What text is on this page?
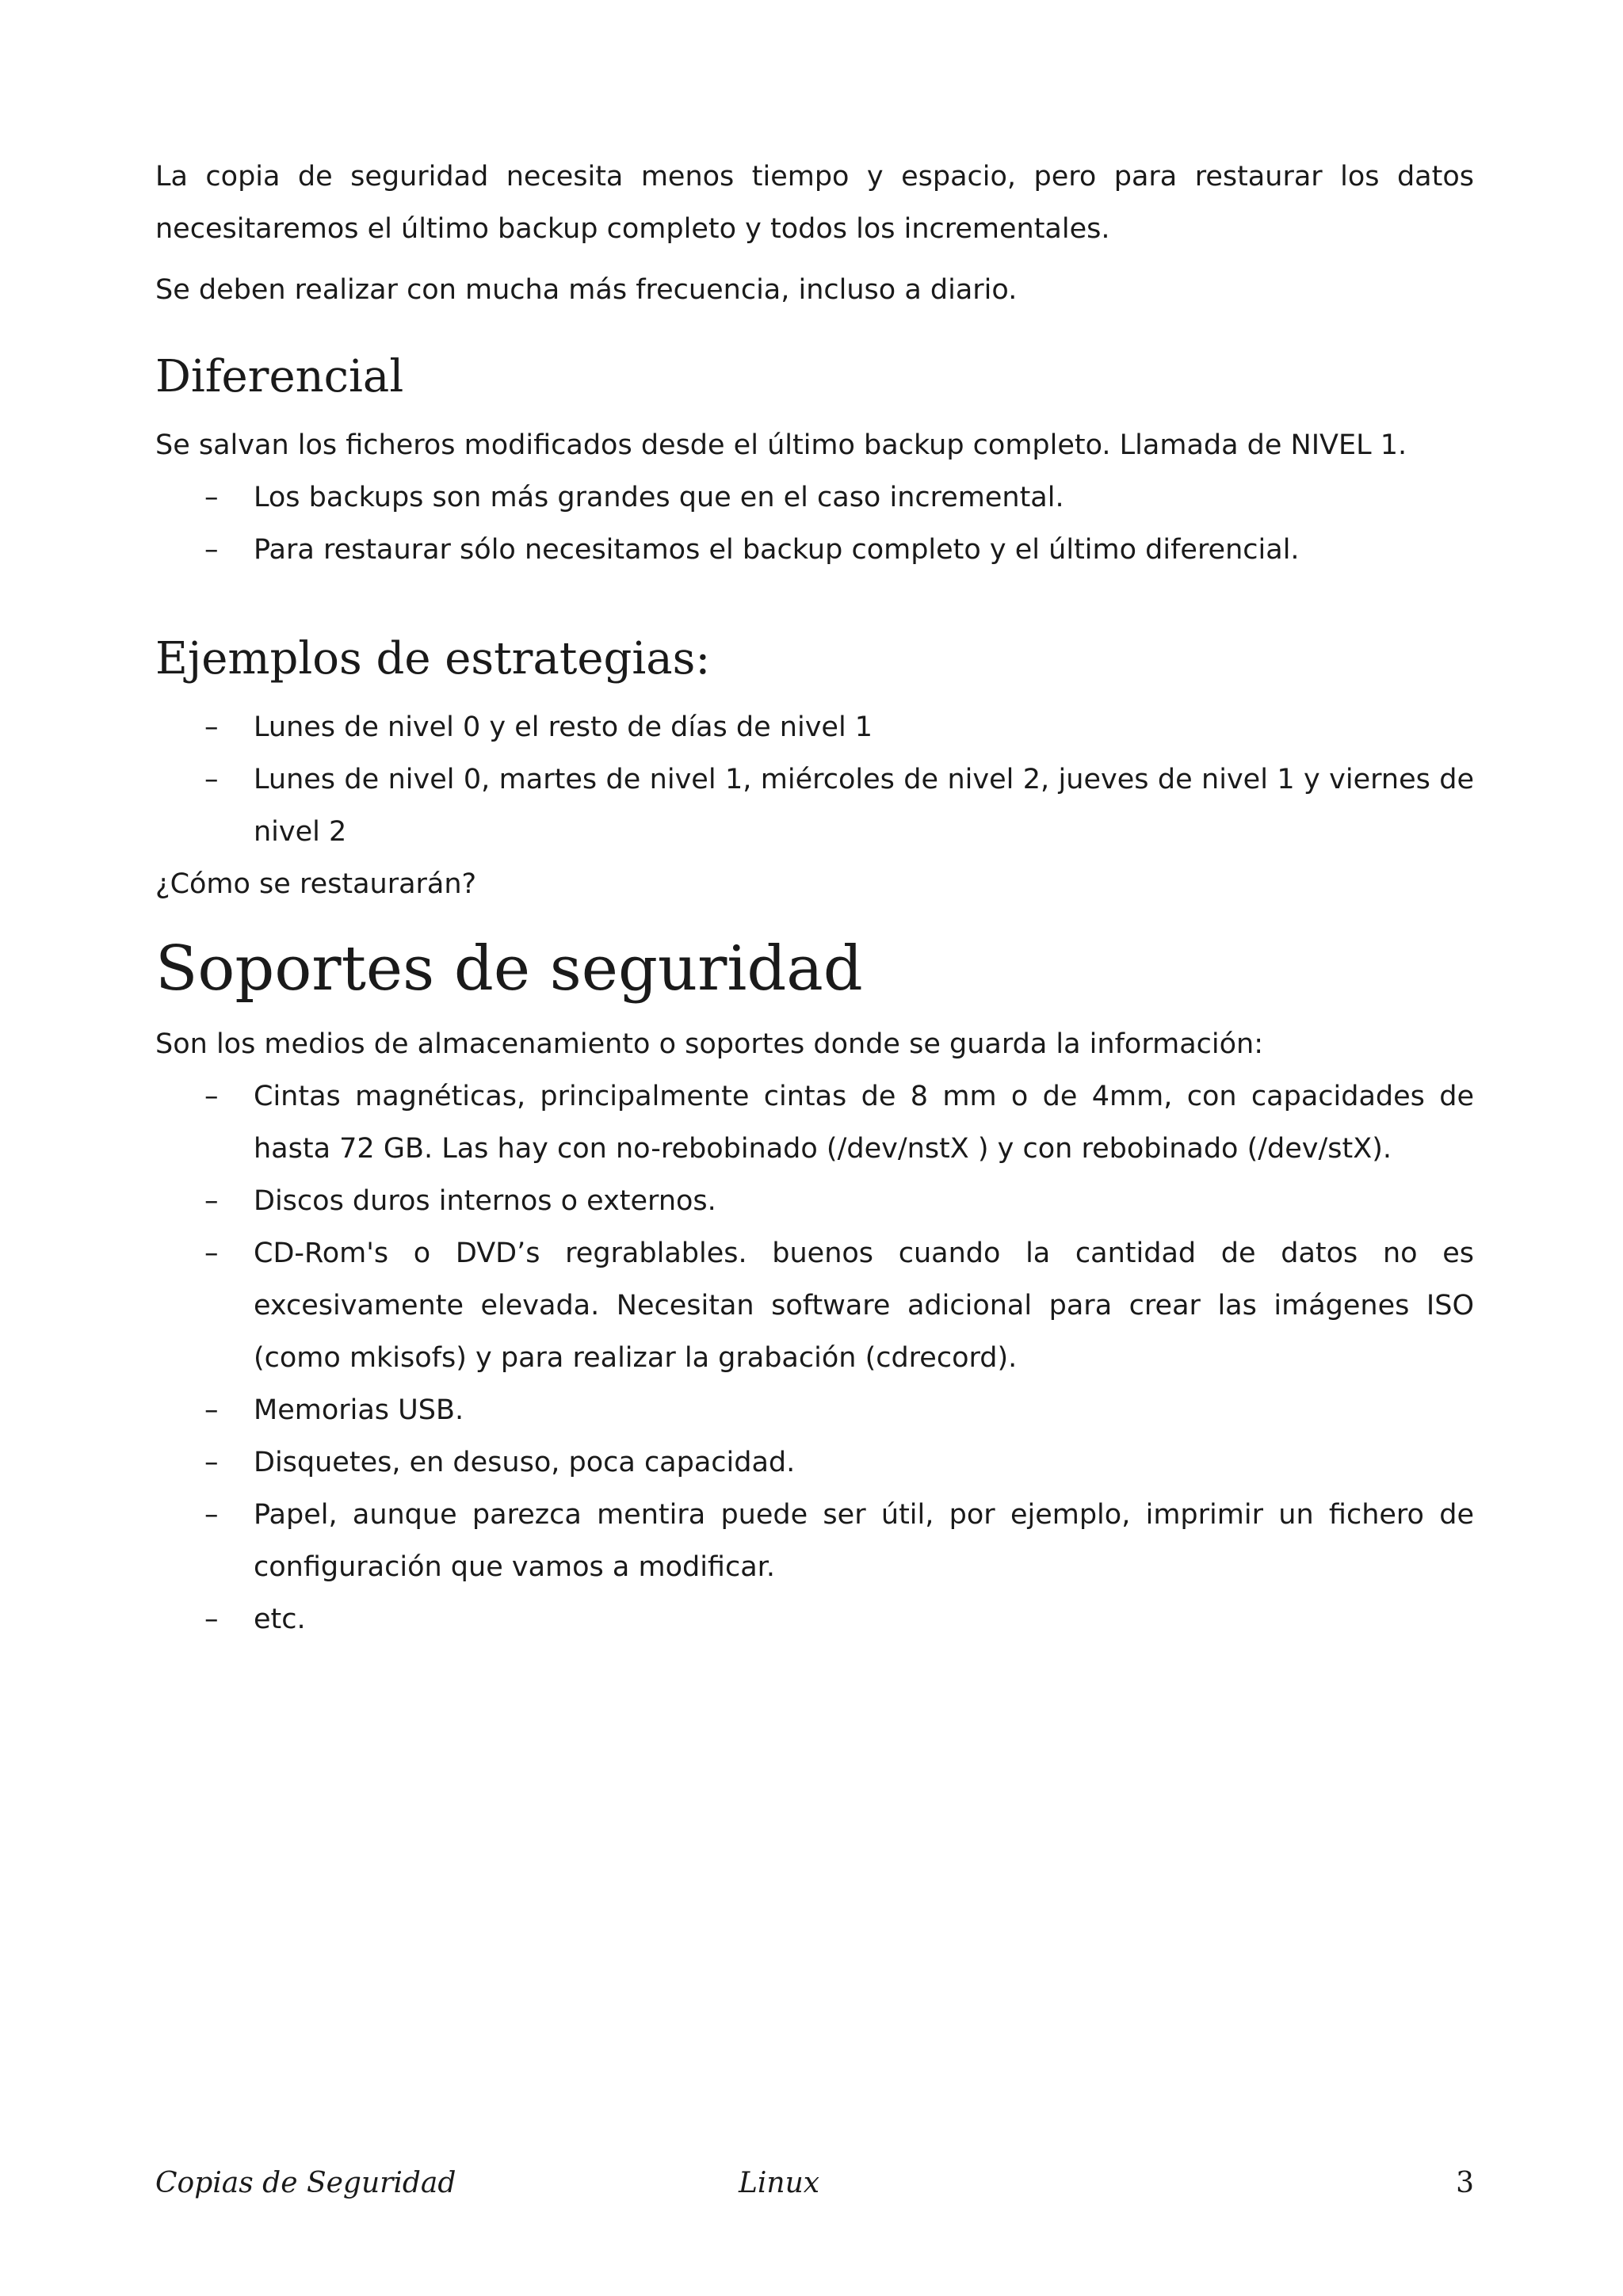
La copia de seguridad necesita menos tiempo y espacio, pero para restaurar los datos necesitaremos el último backup completo y todos los incrementales.

Se deben realizar con mucha más frecuencia, incluso a diario.

Diferencial

Se salvan los ficheros modificados desde el último backup completo. Llamada de NIVEL 1.

– Los backups son más grandes que en el caso incremental.
– Para restaurar sólo necesitamos el backup completo y el último diferencial.
Ejemplos de estrategias:
– Lunes de nivel 0 y el resto de días de nivel 1
– Lunes de nivel 0, martes de nivel 1, miércoles de nivel 2, jueves de nivel 1 y viernes de nivel 2

¿Cómo se restaurarán?

Soportes de seguridad

Son los medios de almacenamiento o soportes donde se guarda la información:

– Cintas magnéticas, principalmente cintas de 8 mm o de 4mm, con capacidades de hasta 72 GB. Las hay con no-rebobinado (/dev/nstX ) y con rebobinado (/dev/stX).
– Discos duros internos o externos.
– CD-Rom's o DVD’s regrablables. buenos cuando la cantidad de datos no es excesivamente elevada. Necesitan software adicional para crear las imágenes ISO (como mkisofs) y para realizar la grabación (cdrecord).
– Memorias USB.
– Disquetes, en desuso, poca capacidad.
– Papel, aunque parezca mentira puede ser útil, por ejemplo, imprimir un fichero de configuración que vamos a modificar.
– etc.
Copias de Seguridad	Linux	3
